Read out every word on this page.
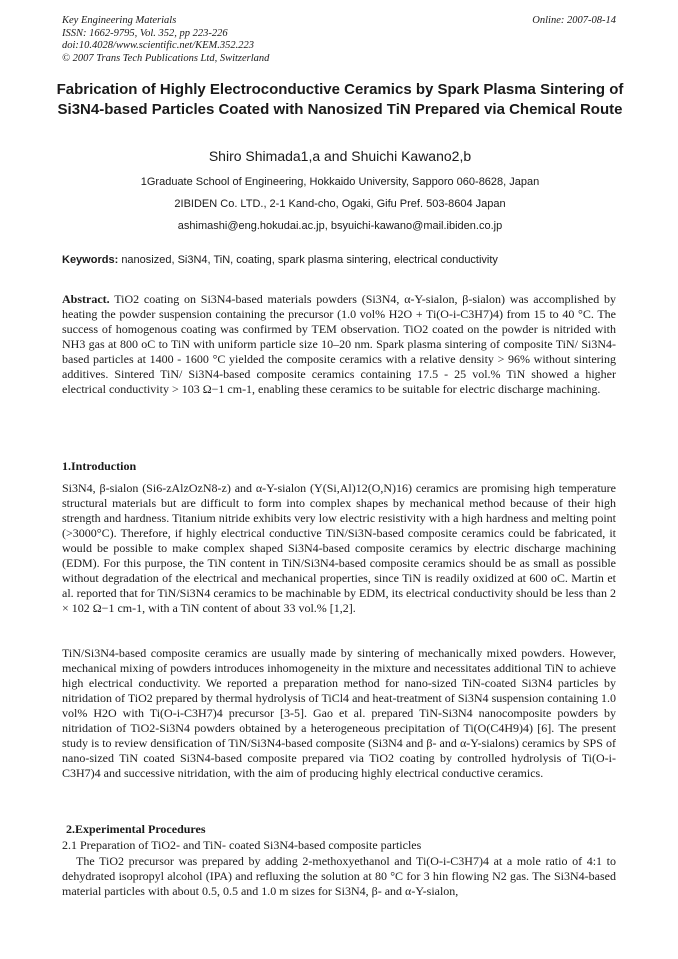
Key Engineering Materials
ISSN: 1662-9795, Vol. 352, pp 223-226
doi:10.4028/www.scientific.net/KEM.352.223
© 2007 Trans Tech Publications Ltd, Switzerland
Online: 2007-08-14
Fabrication of Highly Electroconductive Ceramics by Spark Plasma Sintering of Si3N4-based Particles Coated with Nanosized TiN Prepared via Chemical Route
Shiro Shimada1,a and Shuichi Kawano2,b
1Graduate School of Engineering, Hokkaido University, Sapporo 060-8628, Japan
2IBIDEN Co. LTD., 2-1 Kand-cho, Ogaki, Gifu Pref. 503-8604 Japan
ashimashi@eng.hokudai.ac.jp, bsyuichi-kawano@mail.ibiden.co.jp
Keywords: nanosized, Si3N4, TiN, coating, spark plasma sintering, electrical conductivity

Abstract. TiO2 coating on Si3N4-based materials powders (Si3N4, α-Y-sialon, β-sialon) was accomplished by heating the powder suspension containing the precursor (1.0 vol% H2O + Ti(O-i-C3H7)4) from 15 to 40 °C. The success of homogenous coating was confirmed by TEM observation. TiO2 coated on the powder is nitrided with NH3 gas at 800 oC to TiN with uniform particle size 10–20 nm. Spark plasma sintering of composite TiN/ Si3N4-based particles at 1400 - 1600 °C yielded the composite ceramics with a relative density > 96% without sintering additives. Sintered TiN/ Si3N4-based composite ceramics containing 17.5 - 25 vol.% TiN showed a higher electrical conductivity > 103 Ω−1 cm-1, enabling these ceramics to be suitable for electric discharge machining.

1.Introduction

Si3N4, β-sialon (Si6-zAlzOzN8-z) and α-Y-sialon (Y(Si,Al)12(O,N)16) ceramics are promising high temperature structural materials but are difficult to form into complex shapes by mechanical method because of their high strength and hardness. Titanium nitride exhibits very low electric resistivity with a high hardness and melting point (>3000°C). Therefore, if highly electrical conductive TiN/Si3N-based composite ceramics could be fabricated, it would be possible to make complex shaped Si3N4-based composite ceramics by electric discharge machining (EDM). For this purpose, the TiN content in TiN/Si3N4-based composite ceramics should be as small as possible without degradation of the electrical and mechanical properties, since TiN is readily oxidized at 600 oC. Martin et al. reported that for TiN/Si3N4 ceramics to be machinable by EDM, its electrical conductivity should be less than 2 × 102 Ω−1 cm-1, with a TiN content of about 33 vol.% [1,2].

TiN/Si3N4-based composite ceramics are usually made by sintering of mechanically mixed powders. However, mechanical mixing of powders introduces inhomogeneity in the mixture and necessitates additional TiN to achieve high electrical conductivity. We reported a preparation method for nano-sized TiN-coated Si3N4 particles by nitridation of TiO2 prepared by thermal hydrolysis of TiCl4 and heat-treatment of Si3N4 suspension containing 1.0 vol% H2O with Ti(O-i-C3H7)4 precursor [3-5]. Gao et al. prepared TiN-Si3N4 nanocomposite powders by nitridation of TiO2-Si3N4 powders obtained by a heterogeneous precipitation of Ti(O(C4H9)4) [6]. The present study is to review densification of TiN/Si3N4-based composite (Si3N4 and β- and α-Y-sialons) ceramics by SPS of nano-sized TiN coated Si3N4-based composite prepared via TiO2 coating by controlled hydrolysis of Ti(O-i-C3H7)4 and successive nitridation, with the aim of producing highly electrical conductive ceramics.

2.Experimental Procedures

2.1 Preparation of TiO2- and TiN- coated Si3N4-based composite particles

The TiO2 precursor was prepared by adding 2-methoxyethanol and Ti(O-i-C3H7)4 at a mole ratio of 4:1 to dehydrated isopropyl alcohol (IPA) and refluxing the solution at 80 °C for 3 hin flowing N2 gas. The Si3N4-based material particles with about 0.5, 0.5 and 1.0 m sizes for Si3N4, β- and α-Y-sialon,
